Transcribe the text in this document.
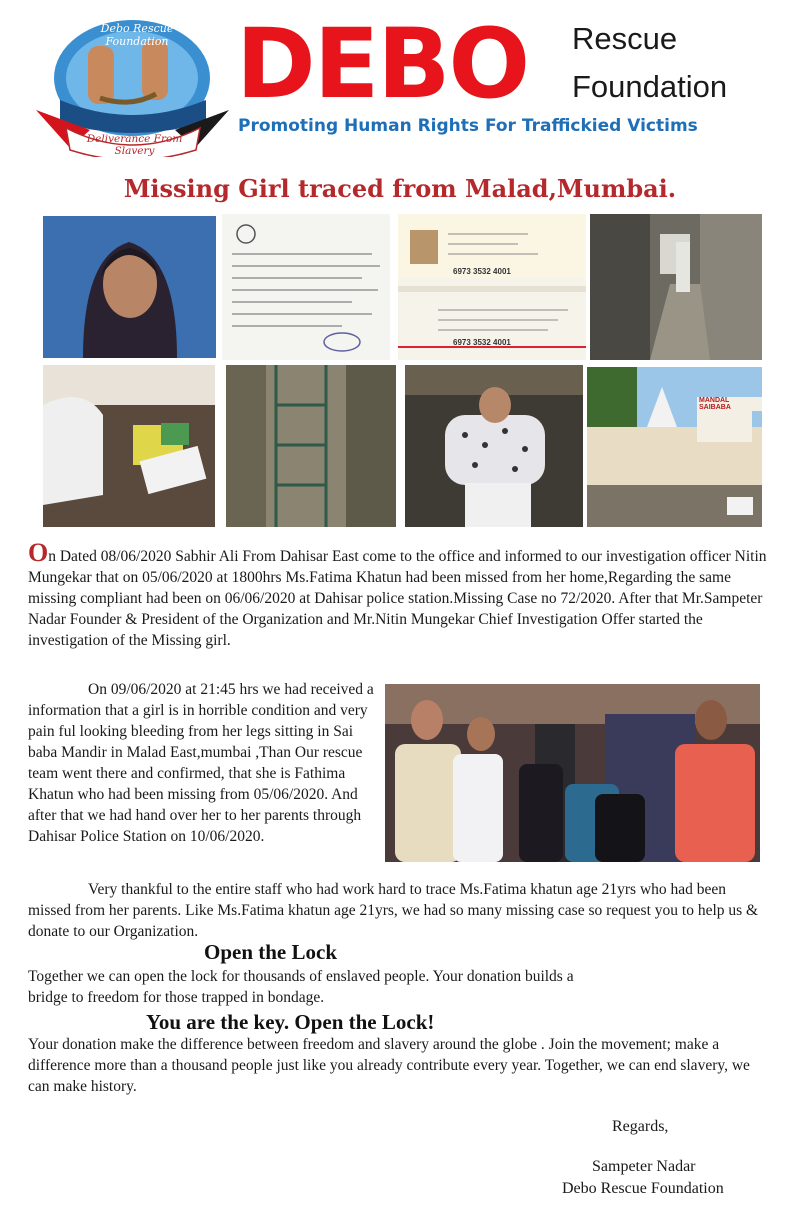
Debo Rescue Foundation
Deliverance From Slavery
DEBO Rescue
Foundation
Promoting Human Rights For Traffickied Victims
Missing Girl traced from Malad,Mumbai.
6973 3532 4001
6973 3532 4001
MANDAL SAIBABA
On Dated 08/06/2020 Sabhir Ali From Dahisar East come to the office and informed to our investigation officer Nitin Mungekar that on 05/06/2020 at 1800hrs Ms.Fatima Khatun had been missed from her home,Regarding the same missing compliant had been on 06/06/2020 at Dahisar police station.Missing Case no 72/2020. After that Mr.Sampeter Nadar Founder & President of the Organization and Mr.Nitin Mungekar Chief Investigation Offer started the investigation of the Missing girl.
On 09/06/2020 at 21:45 hrs we had received a information that a girl is in horrible condition and very pain ful looking bleeding from her legs sitting in Sai baba Mandir in Malad East,mumbai ,Than Our rescue team went there and confirmed, that she is Fathima Khatun who had been missing from 05/06/2020. And after that we had hand over her to her parents through Dahisar Police Station on 10/06/2020.
Very thankful to the entire staff who had work hard to trace Ms.Fatima khatun age 21yrs who had been missed from her parents. Like Ms.Fatima khatun age 21yrs, we had so many missing case so request you to help us & donate to our Organization.
Open the Lock
Together we can open the lock for thousands of enslaved people. Your donation builds a bridge to freedom for those trapped in bondage.
You are the key. Open the Lock!
Your donation make the difference between freedom and slavery around the globe . Join the movement; make a difference more than a thousand people just like you already contribute every year. Together, we can end slavery, we can make history.
Regards,
Sampeter Nadar
Debo Rescue Foundation
